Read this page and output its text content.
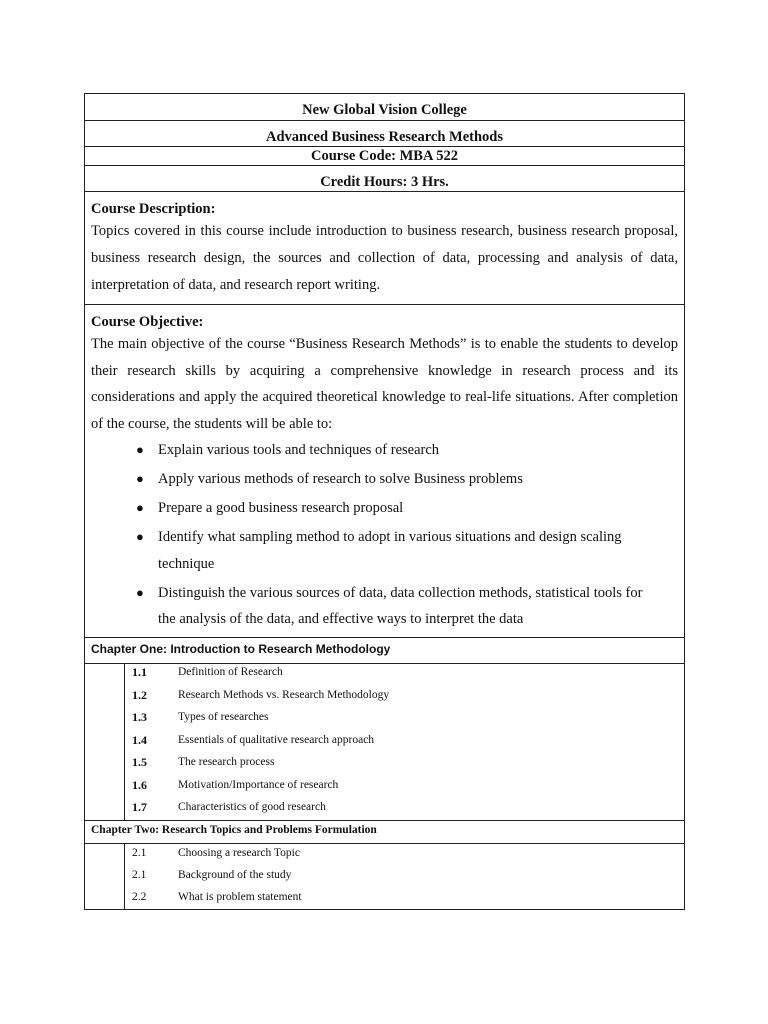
New Global Vision College
Advanced Business Research Methods
Course Code: MBA 522
Credit Hours: 3 Hrs.
Course Description:

Topics covered in this course include introduction to business research, business research proposal, business research design, the sources and collection of data, processing and analysis of data, interpretation of data, and research report writing.

Course Objective:

The main objective of the course “Business Research Methods” is to enable the students to develop their research skills by acquiring a comprehensive knowledge in research process and its considerations and apply the acquired theoretical knowledge to real-life situations. After completion of the course, the students will be able to:

● Explain various tools and techniques of research
● Apply various methods of research to solve Business problems
● Prepare a good business research proposal
● Identify what sampling method to adopt in various situations and design scaling technique
● Distinguish the various sources of data, data collection methods, statistical tools for the analysis of the data, and effective ways to interpret the data
Chapter One: Introduction to Research Methodology
1.1	Definition of Research
1.2	Research Methods vs. Research Methodology
1.3	Types of researches
1.4	Essentials of qualitative research approach
1.5	The research process
1.6	Motivation/Importance of research
1.7	Characteristics of good research
Chapter Two: Research Topics and Problems Formulation
2.1	Choosing a research Topic
2.1	Background of the study
2.2	What is problem statement
